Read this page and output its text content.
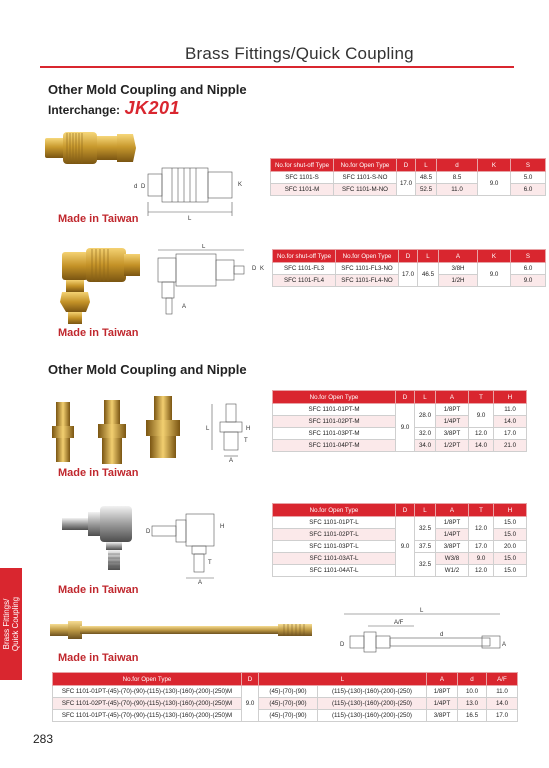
Brass Fittings/Quick Coupling
Other Mold Coupling and Nipple
Interchange: JK201
d D	K
L
Made in Taiwan
No.for shut-off Type	No.for Open Type	D	L	d	K	S
SFC 1101-S	SFC 1101-S-NO	17.0	48.5	8.5	9.0	5.0
SFC 1101-M	SFC 1101-M-NO		52.5	11.0		6.0
L
D K
A
Made in Taiwan
No.for shut-off Type	No.for Open Type	D	L	A	K	S
SFC 1101-FL3	SFC 1101-FL3-NO	17.0	46.5	3/8H	9.0	6.0
SFC 1101-FL4	SFC 1101-FL4-NO			1/2H		9.0
Other Mold Coupling and Nipple
L	H
T
A
Made in Taiwan
No.for Open Type	D	L	A	T	H
SFC 1101-01PT-M	9.0	28.0	1/8PT	9.0	11.0
SFC 1101-02PT-M			1/4PT		14.0
SFC 1101-03PT-M		32.0	3/8PT	12.0	17.0
SFC 1101-04PT-M		34.0	1/2PT	14.0	21.0
D
H
T
A
Made in Taiwan
No.for Open Type	D	L	A	T	H
SFC 1101-01PT-L	9.0	32.5	1/8PT	12.0	15.0
SFC 1101-02PT-L			1/4PT		15.0
SFC 1101-03PT-L		37.5	3/8PT	17.0	20.0
SFC 1101-03AT-L		32.5	W3/8	9.0	15.0
SFC 1101-04AT-L			W1/2	12.0	15.0
L
A/F
D
d
A
Made in Taiwan
No.for Open Type	D	L		A	d	A/F
SFC 1101-01PT-(45)-(70)-(90)-(115)-(130)-(160)-(200)-(250)M	9.0	(45)-(70)-(90)	(115)-(130)-(160)-(200)-(250)	1/8PT	10.0	11.0
SFC 1101-02PT-(45)-(70)-(90)-(115)-(130)-(160)-(200)-(250)M		(45)-(70)-(90)	(115)-(130)-(160)-(200)-(250)	1/4PT	13.0	14.0
SFC 1101-01PT-(45)-(70)-(90)-(115)-(130)-(160)-(200)-(250)M		(45)-(70)-(90)	(115)-(130)-(160)-(200)-(250)	3/8PT	16.5	17.0
Brass Fittings/ Quick Coupling
283
